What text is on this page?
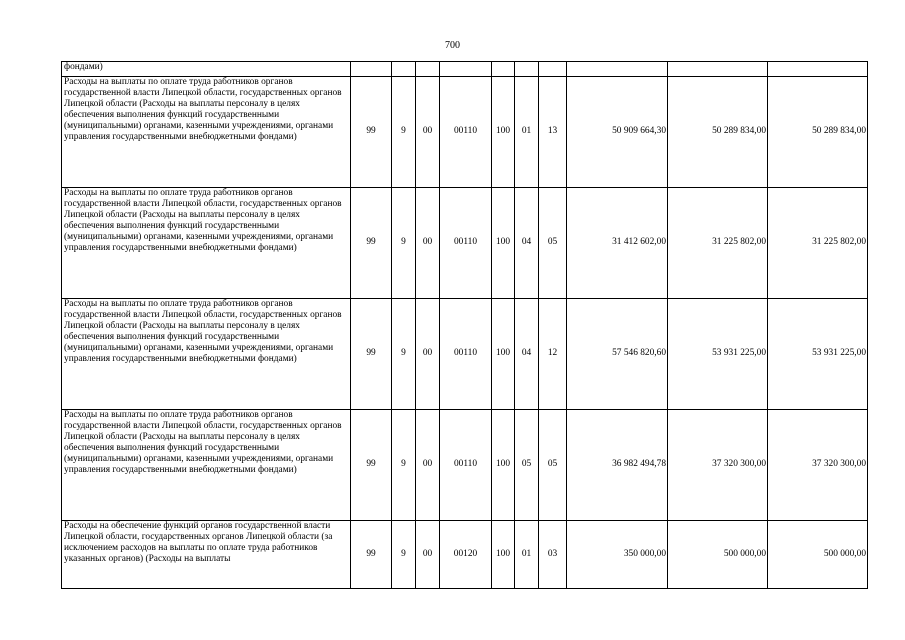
700
фондами)										
Расходы на выплаты по оплате труда работников органов государственной власти Липецкой области, государственных органов Липецкой области (Расходы на выплаты персоналу в целях обеспечения выполнения функций государственными (муниципальными) органами, казенными учреждениями, органами управления государственными внебюджетными фондами)	99	9	00	00110	100	01	13	50 909 664,30	50 289 834,00	50 289 834,00
Расходы на выплаты по оплате труда работников органов государственной власти Липецкой области, государственных органов Липецкой области (Расходы на выплаты персоналу в целях обеспечения выполнения функций государственными (муниципальными) органами, казенными учреждениями, органами управления государственными внебюджетными фондами)	99	9	00	00110	100	04	05	31 412 602,00	31 225 802,00	31 225 802,00
Расходы на выплаты по оплате труда работников органов государственной власти Липецкой области, государственных органов Липецкой области (Расходы на выплаты персоналу в целях обеспечения выполнения функций государственными (муниципальными) органами, казенными учреждениями, органами управления государственными внебюджетными фондами)	99	9	00	00110	100	04	12	57 546 820,60	53 931 225,00	53 931 225,00
Расходы на выплаты по оплате труда работников органов государственной власти Липецкой области, государственных органов Липецкой области (Расходы на выплаты персоналу в целях обеспечения выполнения функций государственными (муниципальными) органами, казенными учреждениями, органами управления государственными внебюджетными фондами)	99	9	00	00110	100	05	05	36 982 494,78	37 320 300,00	37 320 300,00
Расходы на обеспечение функций органов государственной власти Липецкой области, государственных органов Липецкой области (за исключением расходов на выплаты по оплате труда работников указанных органов) (Расходы на выплаты	99	9	00	00120	100	01	03	350 000,00	500 000,00	500 000,00
